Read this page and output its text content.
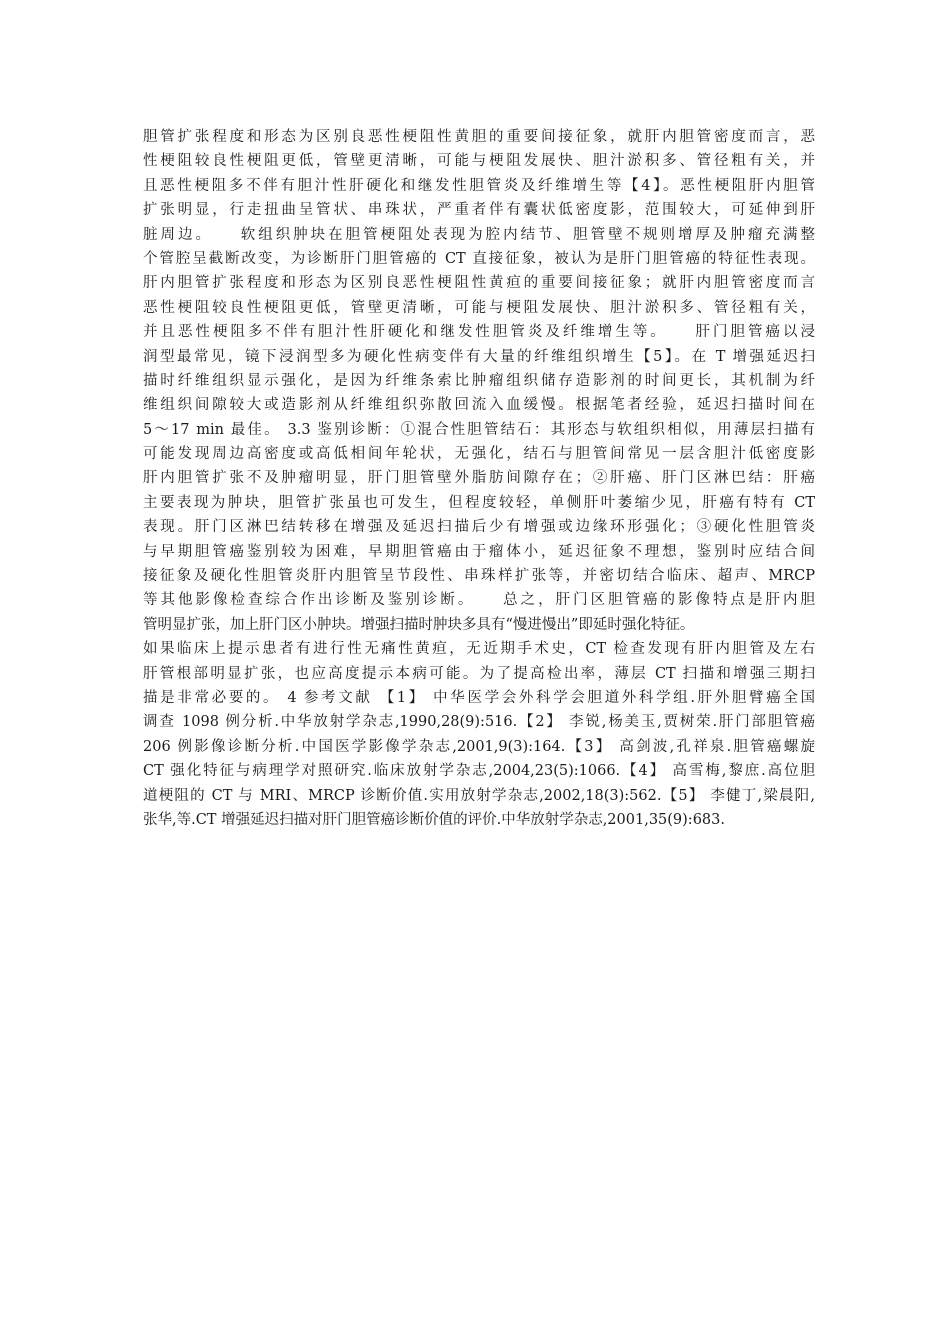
胆管扩张程度和形态为区别良恶性梗阻性黄胆的重要间接征象，就肝内胆管密度而言，恶
性梗阻较良性梗阻更低，管壁更清晰，可能与梗阻发展快、胆汁淤积多、管径粗有关，并
且恶性梗阻多不伴有胆汁性肝硬化和继发性胆管炎及纤维增生等【4】。恶性梗阻肝内胆管
扩张明显，行走扭曲呈管状、串珠状，严重者伴有囊状低密度影，范围较大，可延伸到肝
脏周边。　　软组织肿块在胆管梗阻处表现为腔内结节、胆管壁不规则增厚及肿瘤充满整
个管腔呈截断改变，为诊断肝门胆管癌的 CT 直接征象，被认为是肝门胆管癌的特征性表现。
肝内胆管扩张程度和形态为区别良恶性梗阻性黄疸的重要间接征象；就肝内胆管密度而言
恶性梗阻较良性梗阻更低，管壁更清晰，可能与梗阻发展快、胆汁淤积多、管径粗有关，
并且恶性梗阻多不伴有胆汁性肝硬化和继发性胆管炎及纤维增生等。　　肝门胆管癌以浸
润型最常见，镜下浸润型多为硬化性病变伴有大量的纤维组织增生【5】。在 T 增强延迟扫
描时纤维组织显示强化，是因为纤维条索比肿瘤组织储存造影剂的时间更长，其机制为纤
维组织间隙较大或造影剂从纤维组织弥散回流入血缓慢。根据笔者经验，延迟扫描时间在
5～17 min 最佳。 3.3 鉴别诊断：①混合性胆管结石：其形态与软组织相似，用薄层扫描有
可能发现周边高密度或高低相间年轮状，无强化，结石与胆管间常见一层含胆汁低密度影
肝内胆管扩张不及肿瘤明显，肝门胆管壁外脂肪间隙存在；②肝癌、肝门区淋巴结：肝癌
主要表现为肿块，胆管扩张虽也可发生，但程度较轻，单侧肝叶萎缩少见，肝癌有特有 CT
表现。肝门区淋巴结转移在增强及延迟扫描后少有增强或边缘环形强化；③硬化性胆管炎
与早期胆管癌鉴别较为困难，早期胆管癌由于瘤体小，延迟征象不理想，鉴别时应结合间
接征象及硬化性胆管炎肝内胆管呈节段性、串珠样扩张等，并密切结合临床、超声、MRCP
等其他影像检查综合作出诊断及鉴别诊断。　　总之，肝门区胆管癌的影像特点是肝内胆
管明显扩张，加上肝门区小肿块。增强扫描时肿块多具有“慢进慢出”即延时强化特征。
如果临床上提示患者有进行性无痛性黄疸，无近期手术史，CT 检查发现有肝内胆管及左右
肝管根部明显扩张，也应高度提示本病可能。为了提高检出率，薄层 CT 扫描和增强三期扫
描是非常必要的。 4 参考文献 【1】 中华医学会外科学会胆道外科学组.肝外胆臂癌全国
调查 1098 例分析.中华放射学杂志,1990,28(9):516.【2】 李锐,杨美玉,贾树荣.肝门部胆管癌
206 例影像诊断分析.中国医学影像学杂志,2001,9(3):164.【3】 高剑波,孔祥泉.胆管癌螺旋
CT 强化特征与病理学对照研究.临床放射学杂志,2004,23(5):1066.【4】 高雪梅,黎庶.高位胆
道梗阻的 CT 与 MRI、MRCP 诊断价值.实用放射学杂志,2002,18(3):562.【5】 李健丁,梁晨阳,
张华,等.CT 增强延迟扫描对肝门胆管癌诊断价值的评价.中华放射学杂志,2001,35(9):683.
